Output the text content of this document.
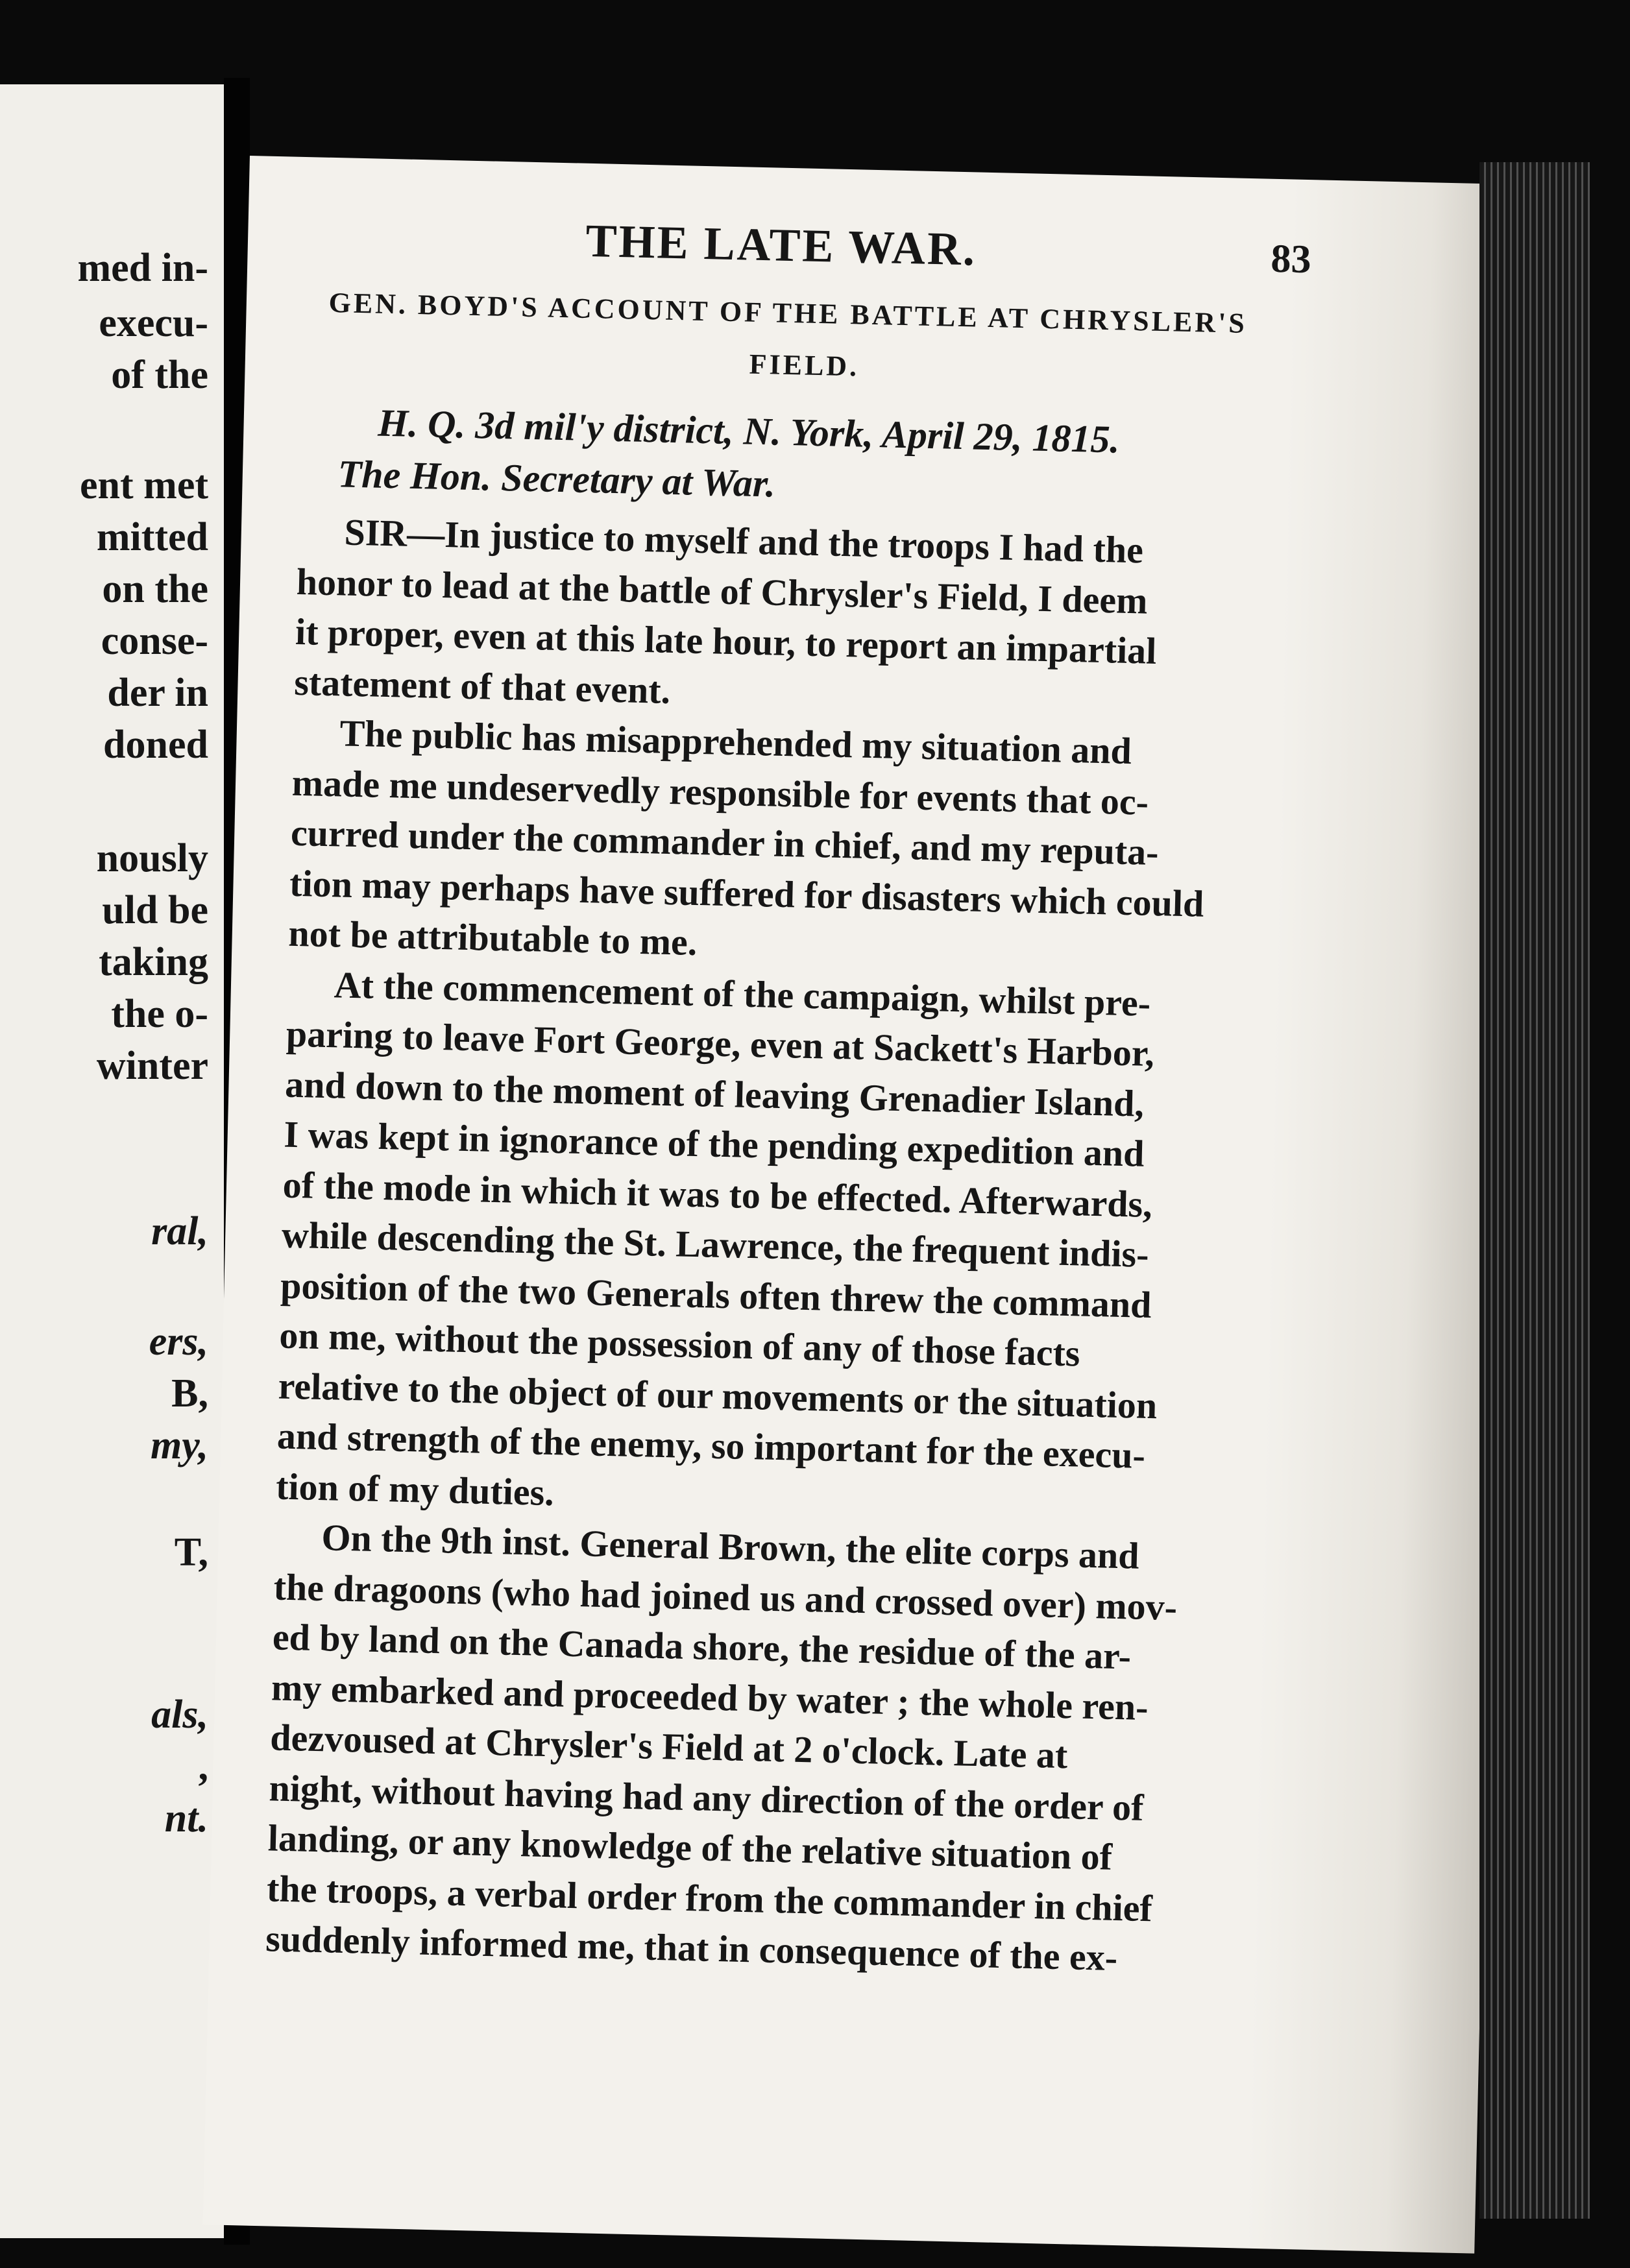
med in-
execu-
of the
ent met
mitted
on the
conse-
der in
doned
nously
uld be
taking
the o-
winter
ral,
ers,
B,
my,
T,
als,
,
nt.
THE LATE WAR.	83
GEN. BOYD'S ACCOUNT OF THE BATTLE AT CHRYSLER'S
FIELD.
H. Q. 3d mil'y district, N. York, April 29, 1815.
The Hon. Secretary at War.
SIR—In justice to myself and the troops I had the
honor to lead at the battle of Chrysler's Field, I deem
it proper, even at this late hour, to report an impartial
statement of that event.
The public has misapprehended my situation and
made me undeservedly responsible for events that oc-
curred under the commander in chief, and my reputa-
tion may perhaps have suffered for disasters which could
not be attributable to me.
At the commencement of the campaign, whilst pre-
paring to leave Fort George, even at Sackett's Harbor,
and down to the moment of leaving Grenadier Island,
I was kept in ignorance of the pending expedition and
of the mode in which it was to be effected. Afterwards,
while descending the St. Lawrence, the frequent indis-
position of the two Generals often threw the command
on me, without the possession of any of those facts
relative to the object of our movements or the situation
and strength of the enemy, so important for the execu-
tion of my duties.
On the 9th inst. General Brown, the elite corps and
the dragoons (who had joined us and crossed over) mov-
ed by land on the Canada shore, the residue of the ar-
my embarked and proceeded by water ; the whole ren-
dezvoused at Chrysler's Field at 2 o'clock. Late at
night, without having had any direction of the order of
landing, or any knowledge of the relative situation of
the troops, a verbal order from the commander in chief
suddenly informed me, that in consequence of the ex-
